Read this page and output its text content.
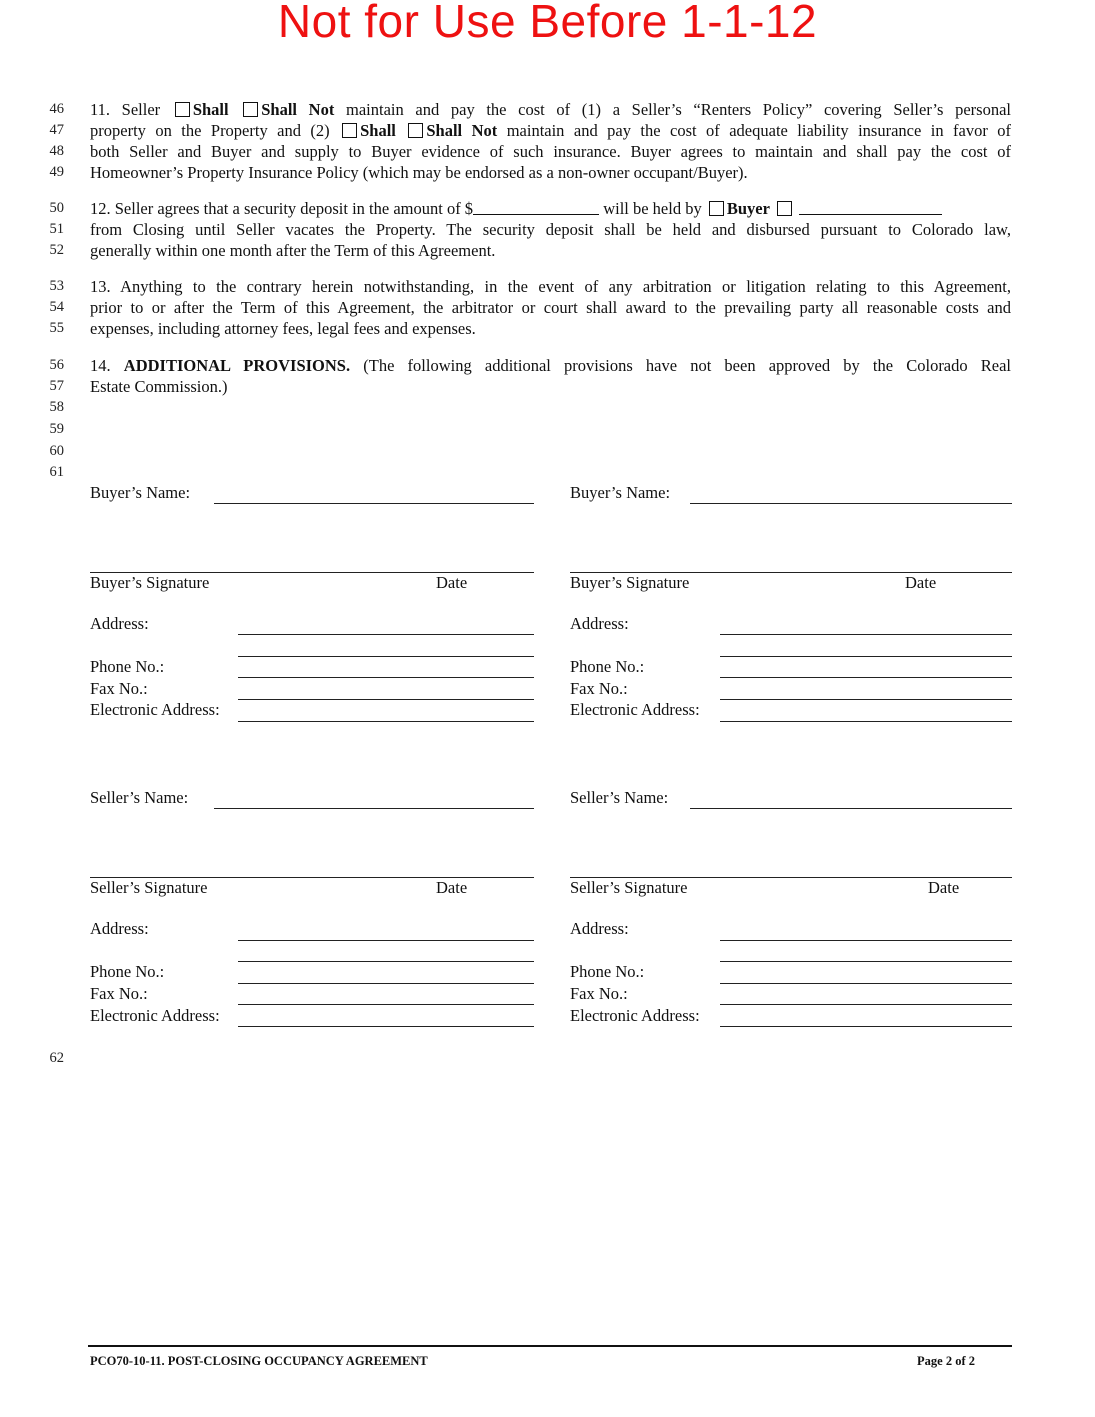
Not for Use Before 1-1-12
46
47
48
49
50
51
52
53
54
55
56
57
58
59
60
61
62
11. Seller Shall Shall Not maintain and pay the cost of (1) a Seller’s “Renters Policy” covering Seller’s personal
property on the Property and (2) Shall Shall Not maintain and pay the cost of adequate liability insurance in favor of
both Seller and Buyer and supply to Buyer evidence of such insurance. Buyer agrees to maintain and shall pay the cost of
Homeowner’s Property Insurance Policy (which may be endorsed as a non-owner occupant/Buyer).
12. Seller agrees that a security deposit in the amount of $	will be held by Buyer
from Closing until Seller vacates the Property. The security deposit shall be held and disbursed pursuant to Colorado law,
generally within one month after the Term of this Agreement.
13. Anything to the contrary herein notwithstanding, in the event of any arbitration or litigation relating to this Agreement,
prior to or after the Term of this Agreement, the arbitrator or court shall award to the prevailing party all reasonable costs and
expenses, including attorney fees, legal fees and expenses.
14. ADDITIONAL PROVISIONS. (The following additional provisions have not been approved by the Colorado Real
Estate Commission.)
Buyer’s Name:
Buyer’s Signature	Date
Address:
Phone No.:
Fax No.:
Electronic Address:
Buyer’s Name:
Buyer’s Signature	Date
Address:
Phone No.:
Fax No.:
Electronic Address:
Seller’s Name:
Seller’s Signature	Date
Address:
Phone No.:
Fax No.:
Electronic Address:
Seller’s Name:
Seller’s Signature	Date
Address:
Phone No.:
Fax No.:
Electronic Address:
PCO70-10-11. POST-CLOSING OCCUPANCY AGREEMENT	Page 2 of 2
